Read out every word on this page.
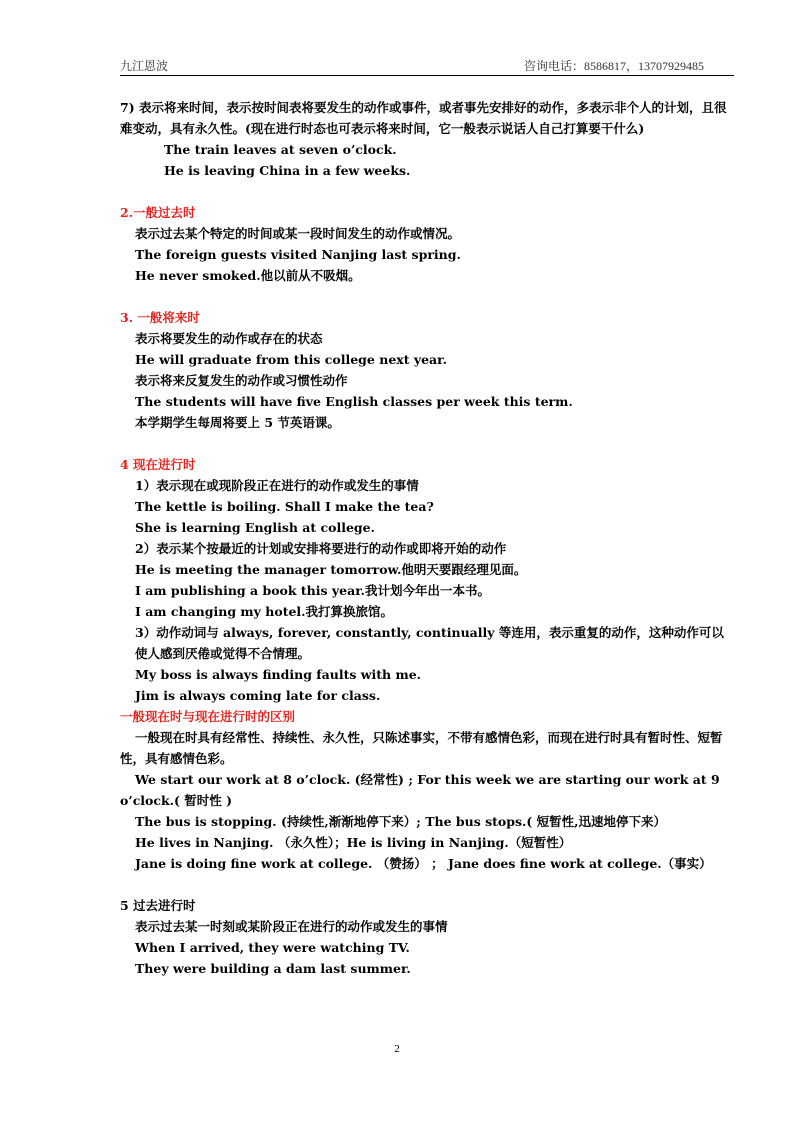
九江恩波	咨询电话：8586817，13707929485

7) 表示将来时间，表示按时间表将要发生的动作或事件，或者事先安排好的动作，多表示非个人的计划，且很难变动，具有永久性。(现在进行时态也可表示将来时间，它一般表示说话人自己打算要干什么)

The train leaves at seven o’clock.

He is leaving China in a few weeks.

2.一般过去时

表示过去某个特定的时间或某一段时间发生的动作或情况。

The foreign guests visited Nanjing last spring.

He never smoked.他以前从不吸烟。

3. 一般将来时

表示将要发生的动作或存在的状态

He will graduate from this college next year.

表示将来反复发生的动作或习惯性动作

The students will have five English classes per week this term.

本学期学生每周将要上 5 节英语课。

4 现在进行时

1）表示现在或现阶段正在进行的动作或发生的事情

The kettle is boiling. Shall I make the tea?

She is learning English at college.

2）表示某个按最近的计划或安排将要进行的动作或即将开始的动作

He is meeting the manager tomorrow.他明天要跟经理见面。

I am publishing a book this year.我计划今年出一本书。

I am changing my hotel.我打算换旅馆。

3）动作动词与 always, forever, constantly, continually 等连用，表示重复的动作，这种动作可以使人感到厌倦或觉得不合情理。

My boss is always finding faults with me.

Jim is always coming late for class.

一般现在时与现在进行时的区别

一般现在时具有经常性、持续性、永久性，只陈述事实，不带有感情色彩，而现在进行时具有暂时性、短暂性，具有感情色彩。

We start our work at 8 o’clock. (经常性) ; For this week we are starting our work at 9 o’clock.( 暂时性 )

The bus is stopping. (持续性,渐渐地停下来）; The bus stops.( 短暂性,迅速地停下来）

He lives in Nanjing. （永久性）；He is living in Nanjing.（短暂性）

Jane is doing fine work at college. （赞扬） ； Jane does fine work at college.（事实）

5 过去进行时

表示过去某一时刻或某阶段正在进行的动作或发生的事情

When I arrived, they were watching TV.

They were building a dam last summer.

2
